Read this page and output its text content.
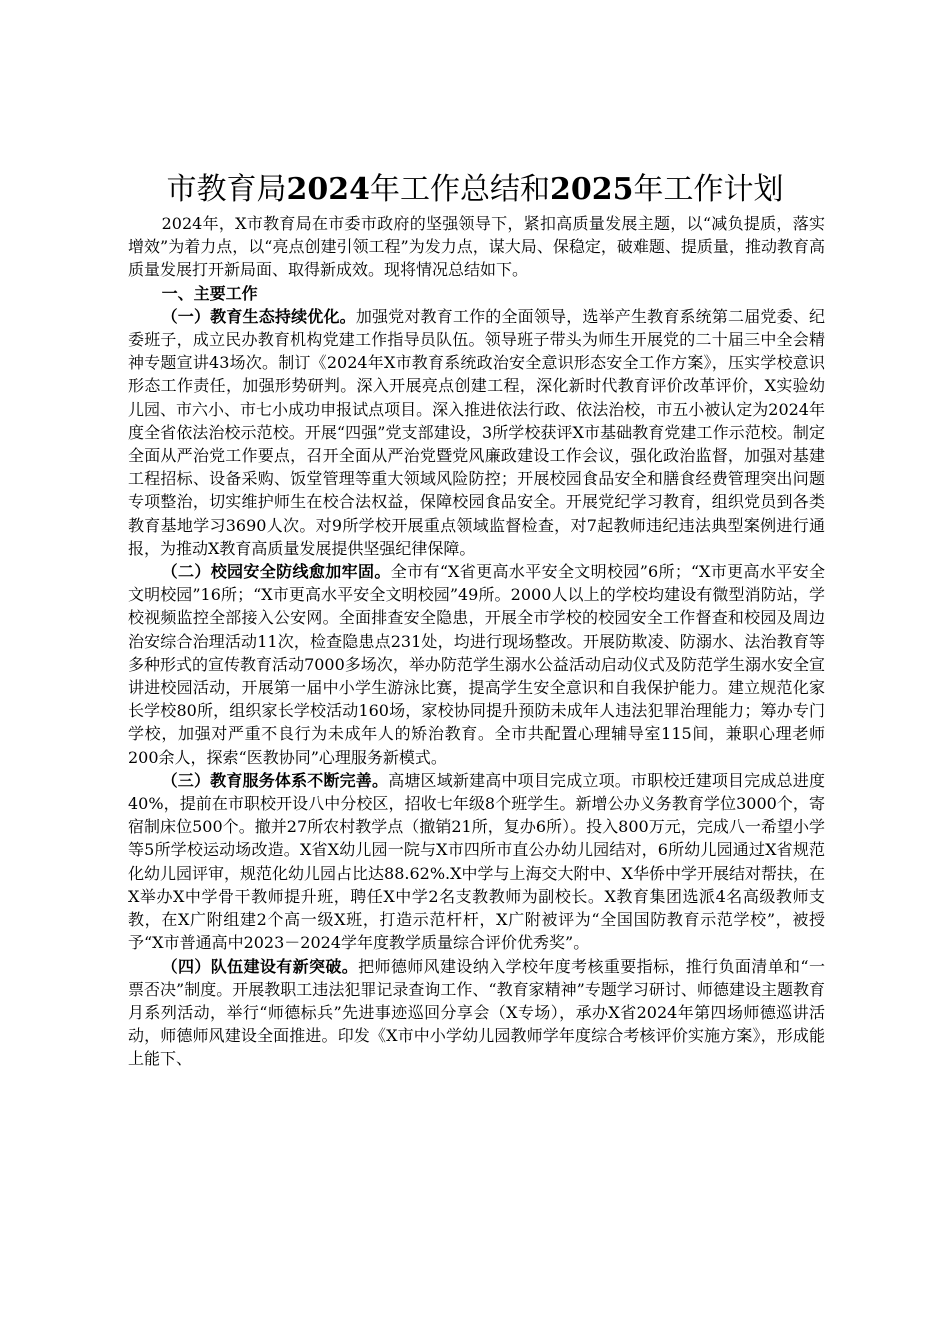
市教育局2024年工作总结和2025年工作计划

2024年，X市教育局在市委市政府的坚强领导下，紧扣高质量发展主题，以“减负提质，落实增效”为着力点，以“亮点创建引领工程”为发力点，谋大局、保稳定，破难题、提质量，推动教育高质量发展打开新局面、取得新成效。现将情况总结如下。

一、主要工作

（一）教育生态持续优化。加强党对教育工作的全面领导，选举产生教育系统第二届党委、纪委班子，成立民办教育机构党建工作指导员队伍。领导班子带头为师生开展党的二十届三中全会精神专题宣讲43场次。制订《2024年X市教育系统政治安全意识形态安全工作方案》，压实学校意识形态工作责任，加强形势研判。深入开展亮点创建工程，深化新时代教育评价改革评价，X实验幼儿园、市六小、市七小成功申报试点项目。深入推进依法行政、依法治校，市五小被认定为2024年度全省依法治校示范校。开展“四强”党支部建设，3所学校获评X市基础教育党建工作示范校。制定全面从严治党工作要点，召开全面从严治党暨党风廉政建设工作会议，强化政治监督，加强对基建工程招标、设备采购、饭堂管理等重大领域风险防控；开展校园食品安全和膳食经费管理突出问题专项整治，切实维护师生在校合法权益，保障校园食品安全。开展党纪学习教育，组织党员到各类教育基地学习3690人次。对9所学校开展重点领域监督检查，对7起教师违纪违法典型案例进行通报，为推动X教育高质量发展提供坚强纪律保障。

（二）校园安全防线愈加牢固。全市有“X省更高水平安全文明校园”6所；“X市更高水平安全文明校园”16所；“X市更高水平安全文明校园”49所。2000人以上的学校均建设有微型消防站，学校视频监控全部接入公安网。全面排查安全隐患，开展全市学校的校园安全工作督查和校园及周边治安综合治理活动11次，检查隐患点231处，均进行现场整改。开展防欺凌、防溺水、法治教育等多种形式的宣传教育活动7000多场次，举办防范学生溺水公益活动启动仪式及防范学生溺水安全宣讲进校园活动，开展第一届中小学生游泳比赛，提高学生安全意识和自我保护能力。建立规范化家长学校80所，组织家长学校活动160场，家校协同提升预防未成年人违法犯罪治理能力；筹办专门学校，加强对严重不良行为未成年人的矫治教育。全市共配置心理辅导室115间，兼职心理老师200余人，探索“医教协同”心理服务新模式。

（三）教育服务体系不断完善。高塘区域新建高中项目完成立项。市职校迁建项目完成总进度40%，提前在市职校开设八中分校区，招收七年级8个班学生。新增公办义务教育学位3000个，寄宿制床位500个。撤并27所农村教学点（撤销21所，复办6所）。投入800万元，完成八一希望小学等5所学校运动场改造。X省X幼儿园一院与X市四所市直公办幼儿园结对，6所幼儿园通过X省规范化幼儿园评审，规范化幼儿园占比达88.62%.X中学与上海交大附中、X华侨中学开展结对帮扶，在X举办X中学骨干教师提升班，聘任X中学2名支教教师为副校长。X教育集团选派4名高级教师支教，在X广附组建2个高一级X班，打造示范杆杆，X广附被评为“全国国防教育示范学校”，被授予“X市普通高中2023－2024学年度教学质量综合评价优秀奖”。

（四）队伍建设有新突破。把师德师风建设纳入学校年度考核重要指标，推行负面清单和“一票否决”制度。开展教职工违法犯罪记录查询工作、“教育家精神”专题学习研讨、师德建设主题教育月系列活动，举行“师德标兵”先进事迹巡回分享会（X专场），承办X省2024年第四场师德巡讲活动，师德师风建设全面推进。印发《X市中小学幼儿园教师学年度综合考核评价实施方案》，形成能上能下、
